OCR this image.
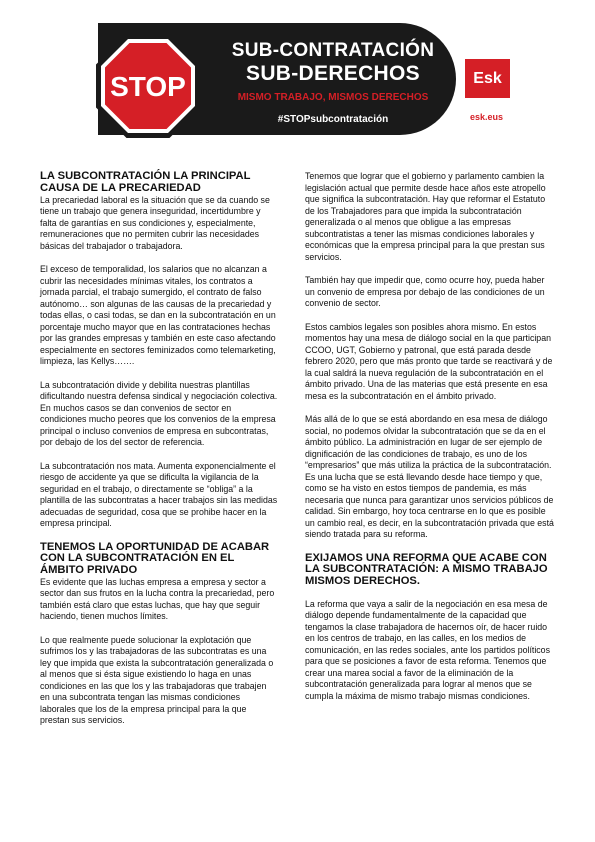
STOP
SUB-CONTRATACIÓN
SUB-DERECHOS
MISMO TRABAJO, MISMOS DERECHOS
#STOPsubcontratación
Esk
esk.eus
LA SUBCONTRATACIÓN LA PRINCIPAL CAUSA DE LA PRECARIEDAD

La precariedad laboral es la situación que se da cuando se tiene un trabajo que genera inseguridad, incertidumbre y falta de garantías en sus condiciones y, especialmente, remuneraciones que no permiten cubrir las necesidades básicas del trabajador o trabajadora.

El exceso de temporalidad, los salarios que no alcanzan a cubrir las necesidades mínimas vitales, los contratos a jornada parcial, el trabajo sumergido, el contrato de falso autónomo… son algunas de las causas de la precariedad y todas ellas, o casi todas, se dan en la subcontratación en un porcentaje mucho mayor que en las contrataciones hechas por las grandes empresas y también en este caso afectando especialmente en sectores feminizados como telemarketing, limpieza, las Kellys…….

La subcontratación divide y debilita nuestras plantillas dificultando nuestra defensa sindical y negociación colectiva. En muchos casos se dan convenios de sector en condiciones mucho peores que los convenios de la empresa principal o incluso convenios de empresa en subcontratas, por debajo de los del sector de referencia.

La subcontratación nos mata. Aumenta exponencialmente el riesgo de accidente ya que se dificulta la vigilancia de la seguridad en el trabajo, o directamente se “obliga” a la plantilla de las subcontratas a hacer trabajos sin las medidas adecuadas de seguridad, cosa que se prohibe hacer en la empresa principal.

TENEMOS LA OPORTUNIDAD DE ACABAR CON LA SUBCONTRATACIÓN EN EL ÁMBITO PRIVADO

Es evidente que las luchas empresa a empresa y sector a sector dan sus frutos en la lucha contra la precariedad, pero también está claro que estas luchas, que hay que seguir haciendo, tienen muchos límites.

Lo que realmente puede solucionar la explotación que sufrimos los y las trabajadoras de las subcontratas es una ley que impida que exista la subcontratación generalizada o al menos que si ésta sigue existiendo lo haga en unas condiciones en las que los y las trabajadoras que trabajen en una subcontrata tengan las mismas condiciones laborales que los de la empresa principal para la que prestan sus servicios.

Tenemos que lograr que el gobierno y parlamento cambien la legislación actual que permite desde hace años este atropello que significa la subcontratación. Hay que reformar el Estatuto de los Trabajadores para que impida la subcontratación generalizada o al menos que obligue a las empresas subcontratistas a tener las mismas condiciones laborales y económicas que la empresa principal para la que prestan sus servicios.

También hay que impedir que, como ocurre hoy, pueda haber un convenio de empresa por debajo de las condiciones de un convenio de sector.

Estos cambios legales son posibles ahora mismo. En estos momentos hay una mesa de diálogo social en la que participan CCOO, UGT, Gobierno y patronal, que está parada desde febrero 2020, pero que más pronto que tarde se reactivará y de la cual saldrá la nueva regulación de la subcontratación en el ámbito privado. Una de las materias que está presente en esa mesa es la subcontratación en el ámbito privado.

Más allá de lo que se está abordando en esa mesa de diálogo social, no podemos olvidar la subcontratación que se da en el ámbito público. La administración en lugar de ser ejemplo de dignificación de las condiciones de trabajo, es uno de los “empresarios” que más utiliza la práctica de la subcontratación. Es una lucha que se está llevando desde hace tiempo y que, como se ha visto en estos tiempos de pandemia, es más necesaria que nunca para garantizar unos servicios públicos de calidad. Sin embargo, hoy toca centrarse en lo que es posible un cambio real, es decir, en la subcontratación privada que está siendo tratada para su reforma.

EXIJAMOS UNA REFORMA QUE ACABE CON LA SUBCONTRATACIÓN: A MISMO TRABAJO MISMOS DERECHOS.

La reforma que vaya a salir de la negociación en esa mesa de diálogo depende fundamentalmente de la capacidad que tengamos la clase trabajadora de hacernos oír, de hacer ruido en los centros de trabajo, en las calles, en los medios de comunicación, en las redes sociales, ante los partidos políticos para que se posiciones a favor de esta reforma. Tenemos que crear una marea social a favor de la eliminación de la subcontratación generalizada para lograr al menos que se cumpla la máxima de mismo trabajo mismas condiciones.
